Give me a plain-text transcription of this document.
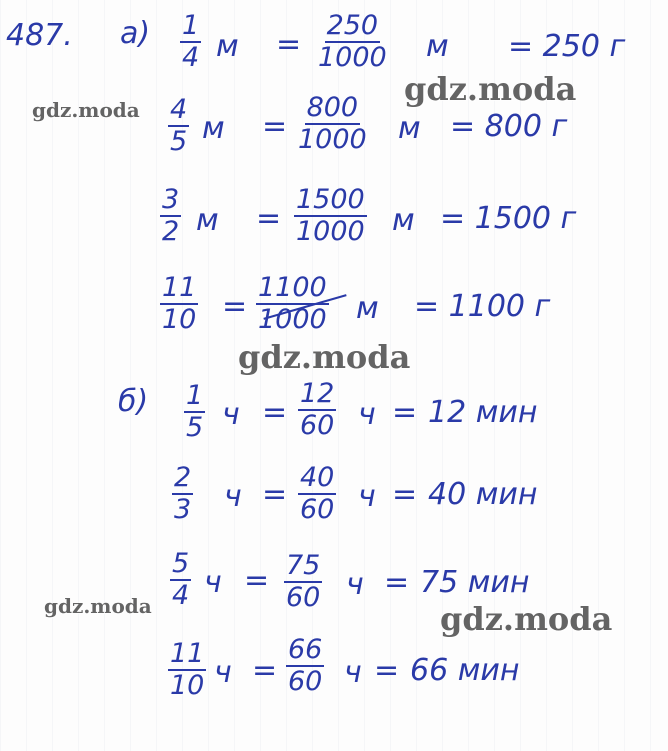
487. $а) \frac{1}{4}$ $м = \frac{250}{1000}$ м = 250 г
$\frac{4}{5}$ $м = \frac{800}{1000}$ м = 800 г
$\frac{3}{2}$ $м = \frac{1500}{1000}$ м = 1500 г
$\frac{11}{10} = \frac{1100}{1000}$ м = 1100 г
$б) \frac{1}{5}$ $ч = \frac{12}{60}$ ч = 12 мин
$\frac{2}{3}$ $ч = \frac{40}{60}$ ч = 40 мин
$\frac{5}{4}$ $ч = \frac{75}{60}$ ч = 75 мин
$\frac{11}{10}$ $ч = \frac{66}{60}$ ч = 66 мин
gdz.moda
gdz.moda
gdz.moda
gdz.moda	gdz.moda
